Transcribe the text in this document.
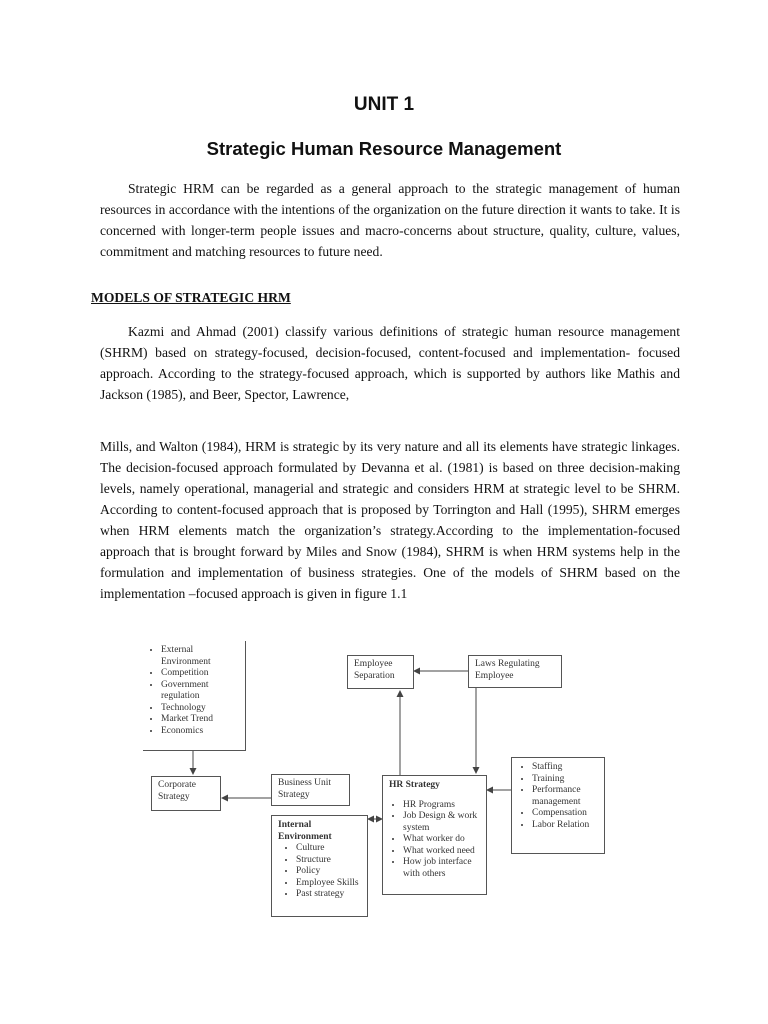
UNIT 1
Strategic Human Resource Management

Strategic HRM can be regarded as a general approach to the strategic management of human resources in accordance with the intentions of the organization on the future direction it wants to take. It is concerned with longer-term people issues and macro-concerns about structure, quality, culture, values, commitment and matching resources to future need.

MODELS OF STRATEGIC HRM

Kazmi and Ahmad (2001) classify various definitions of strategic human resource management (SHRM) based on strategy-focused, decision-focused, content-focused and implementation- focused approach. According to the strategy-focused approach, which is supported by authors like Mathis and Jackson (1985), and Beer, Spector, Lawrence,

Mills, and Walton (1984), HRM is strategic by its very nature and all its elements have strategic linkages. The decision-focused approach formulated by Devanna et al. (1981) is based on three decision-making levels, namely operational, managerial and strategic and considers HRM at strategic level to be SHRM. According to content-focused approach that is proposed by Torrington and Hall (1995), SHRM emerges when HRM elements match the organization’s strategy.According to the implementation-focused approach that is brought forward by Miles and Snow (1984), SHRM is when HRM systems help in the formulation and implementation of business strategies. One of the models of SHRM based on the implementation –focused approach is given in figure 1.1

• External Environment
• Competition
• Government regulation
• Technology
• Market Trend
• Economics
Corporate Strategy
Business Unit Strategy
Internal Environment
• Culture
• Structure
• Policy
• Employee Skills
• Past strategy
Employee Separation
Laws Regulating Employee
HR Strategy
• HR Programs
• Job Design & work system
• What worker do
• What worked need
• How job interface with others
• Staffing
• Training
• Performance management
• Compensation
• Labor Relation
